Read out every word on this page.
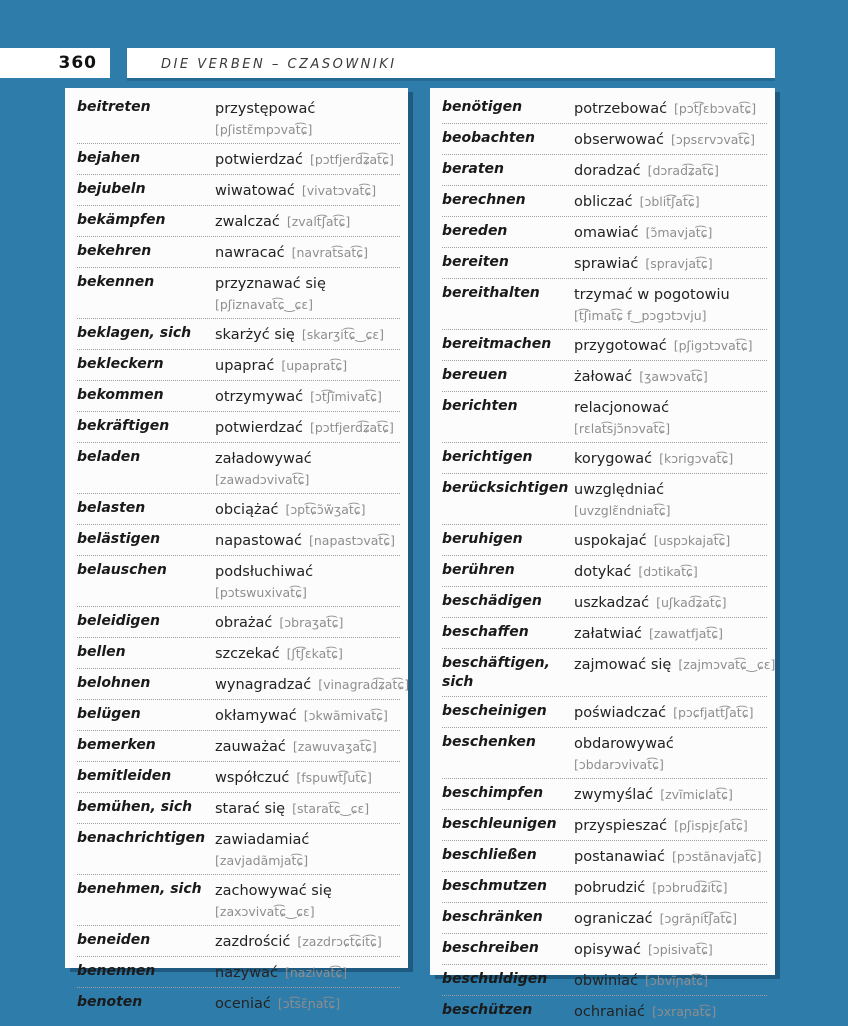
360	DIE VERBEN – CZASOWNIKI
beitreten	przystępować
[pʃistɛ̃mpɔvat͡ɕ]
bejahen	potwierdzać [pɔtfjerd͡ʑat͡ɕ]
bejubeln	wiwatować [vivatɔvat͡ɕ]
bekämpfen	zwalczać [zvalt͡ʃat͡ɕ]
bekehren	nawracać [navrat͡sat͡ɕ]
bekennen	przyznawać się
[pʃiznavat͡ɕ‿ɕɛ]
beklagen, sich	skarżyć się [skarʒit͡ɕ‿ɕɛ]
bekleckern	upaprać [upaprat͡ɕ]
bekommen	otrzymywać [ɔt͡ʃĩmivat͡ɕ]
bekräftigen	potwierdzać [pɔtfjerd͡ʑat͡ɕ]
beladen	załadowywać
[zawadɔvivat͡ɕ]
belasten	obciążać [ɔpt͡ɕɔ̃w̃ʒat͡ɕ]
belästigen	napastować [napastɔvat͡ɕ]
belauschen	podsłuchiwać
[pɔtswuxivat͡ɕ]
beleidigen	obrażać [ɔbraʒat͡ɕ]
bellen	szczekać [ʃt͡ʃɛkat͡ɕ]
belohnen	wynagradzać [vinagrad͡ʑat͡ɕ]
belügen	okłamywać [ɔkwãmivat͡ɕ]
bemerken	zauważać [zawuvaʒat͡ɕ]
bemitleiden	współczuć [fspuwt͡ʃut͡ɕ]
bemühen, sich	starać się [starat͡ɕ‿ɕɛ]
benachrichtigen zawiadamiać
[zavjadãmjat͡ɕ]
benehmen, sich zachowywać się
[zaxɔvivat͡ɕ‿ɕɛ]
beneiden	zazdrościć [zazdrɔɕt͡ɕit͡ɕ]
benennen	nazywać [nazivat͡ɕ]
benoten	oceniać [ɔt͡sɛ̃ɲat͡ɕ]
benötigen	potrzebować [pɔt͡ʃɛbɔvat͡ɕ]
beobachten	obserwować [ɔpsɛrvɔvat͡ɕ]
beraten	doradzać [dɔrad͡ʑat͡ɕ]
berechnen	obliczać [ɔblit͡ʃat͡ɕ]
bereden	omawiać [ɔ̃mavjat͡ɕ]
bereiten	sprawiać [spravjat͡ɕ]
bereithalten	trzymać w pogotowiu
[t͡ʃimat͡ɕ f‿pɔgɔtɔvju]
bereitmachen	przygotować [pʃigɔtɔvat͡ɕ]
bereuen	żałować [ʒawɔvat͡ɕ]
berichten	relacjonować
[rɛlat͡sjɔ̃nɔvat͡ɕ]
berichtigen	korygować [kɔrigɔvat͡ɕ]
berücksichtigen uwzględniać
[uvzglɛ̃ndniat͡ɕ]
beruhigen	uspokajać [uspɔkajat͡ɕ]
berühren	dotykać [dɔtikat͡ɕ]
beschädigen	uszkadzać [uʃkad͡ʑat͡ɕ]
beschaffen	załatwiać [zawatfjat͡ɕ]
beschäftigen, sich
zajmować się [zajmɔvat͡ɕ‿ɕɛ]
bescheinigen	poświadczać [pɔɕfjatt͡ʃat͡ɕ]
beschenken	obdarowywać
[ɔbdarɔvivat͡ɕ]
beschimpfen	zwymyślać [zvĩmiɕlat͡ɕ]
beschleunigen	przyspieszać [pʃispjɛʃat͡ɕ]
beschließen	postanawiać [pɔstãnavjat͡ɕ]
beschmutzen	pobrudzić [pɔbrud͡ʑit͡ɕ]
beschränken	ograniczać [ɔgrãɲit͡ʃat͡ɕ]
beschreiben	opisywać [ɔpisivat͡ɕ]
beschuldigen	obwiniać [ɔbvĩɲat͡ɕ]
beschützen	ochraniać [ɔxraɲat͡ɕ]
